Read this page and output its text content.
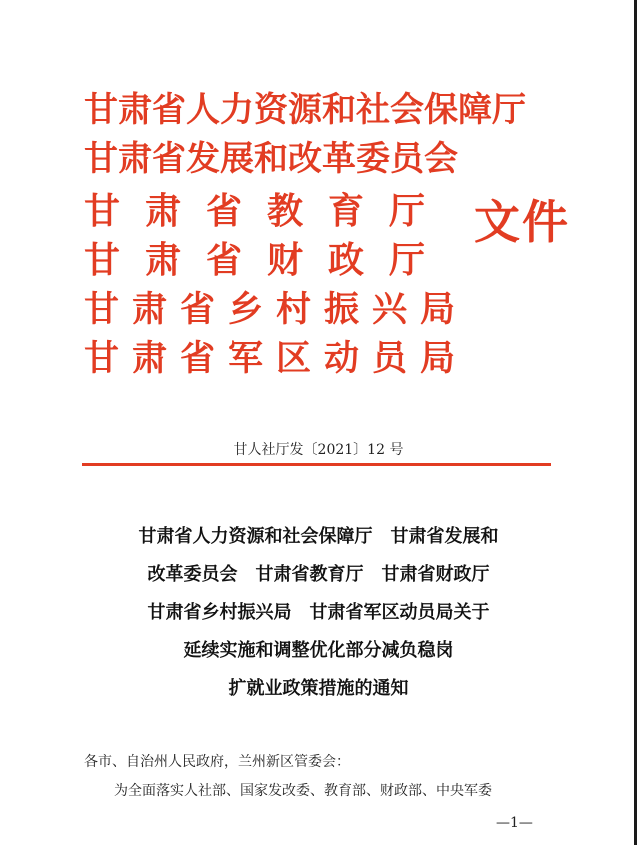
甘肃省人力资源和社会保障厅
甘肃省发展和改革委员会
甘肃省教育厅
甘肃省财政厅
甘肃省乡村振兴局
甘肃省军区动员局
文件
甘人社厅发〔2021〕12 号
甘肃省人力资源和社会保障厅　甘肃省发展和
改革委员会　甘肃省教育厅　甘肃省财政厅
甘肃省乡村振兴局　甘肃省军区动员局关于
延续实施和调整优化部分减负稳岗
扩就业政策措施的通知
各市、自治州人民政府，兰州新区管委会：
为全面落实人社部、国家发改委、教育部、财政部、中央军委
—1—
